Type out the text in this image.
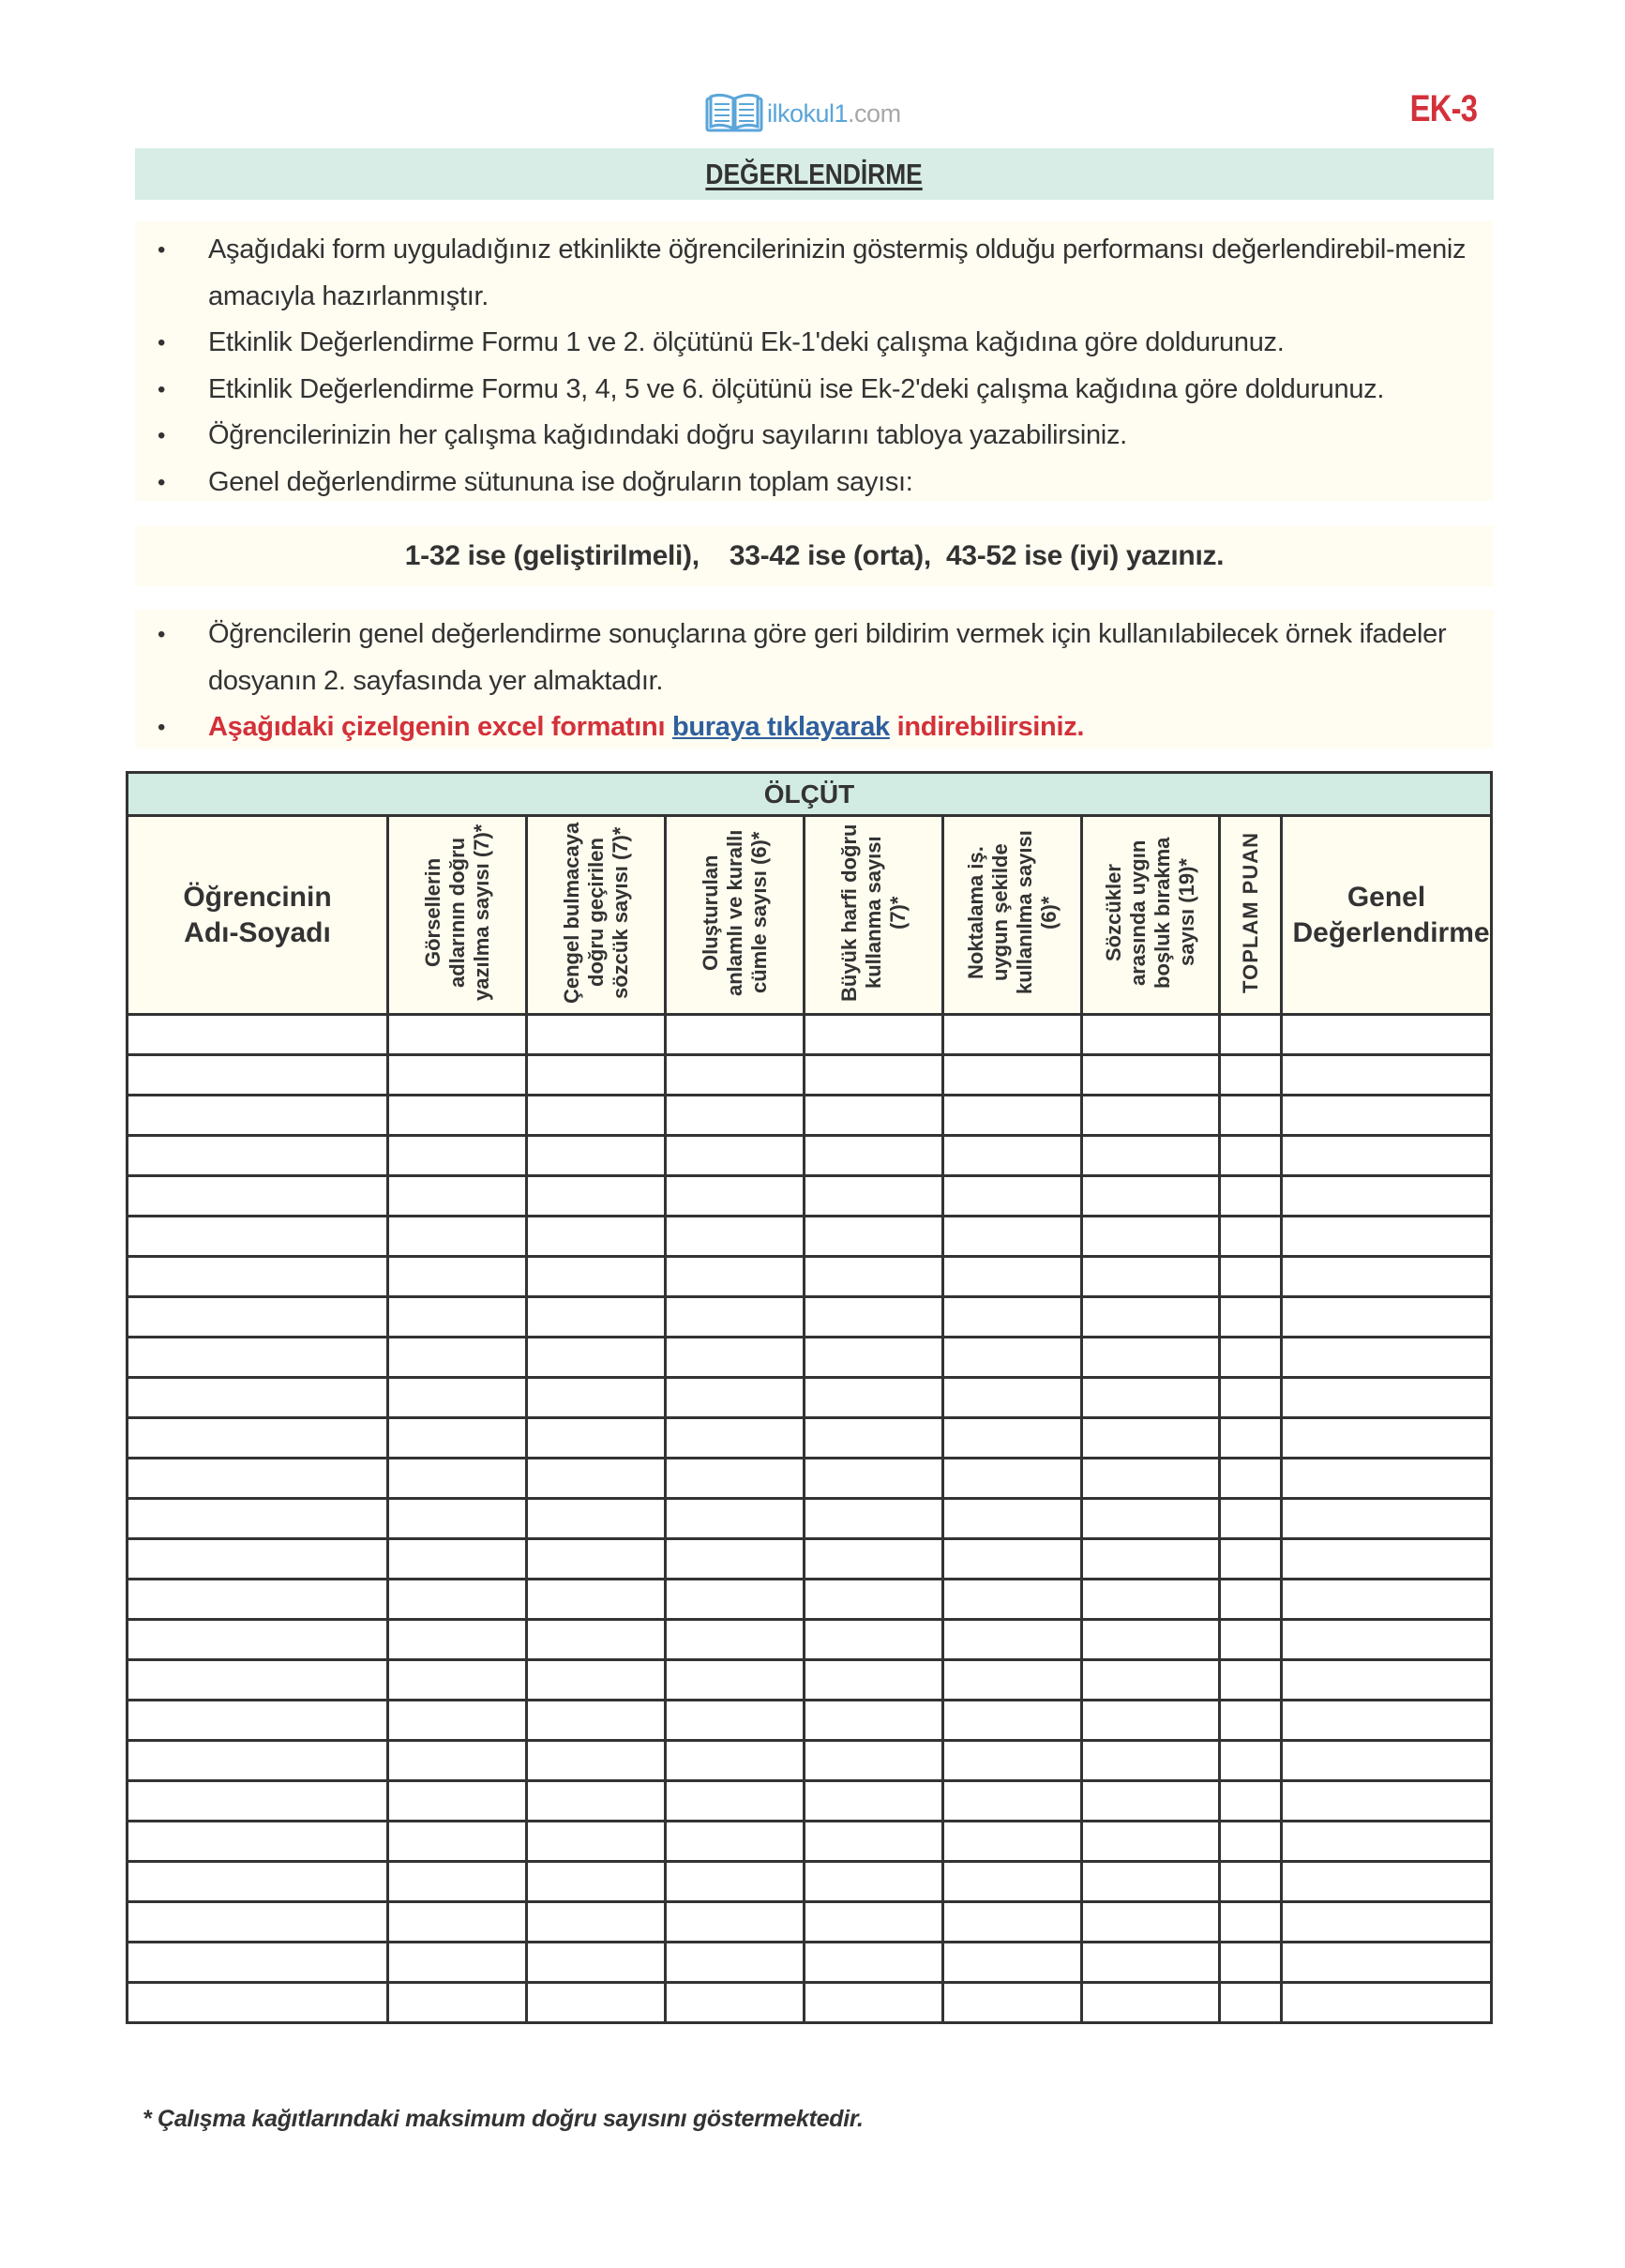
ilkokul1.com	EK-3
DEĞERLENDİRME
• Aşağıdaki form uyguladığınız etkinlikte öğrencilerinizin göstermiş olduğu performansı değerlendirebil-meniz amacıyla hazırlanmıştır.
• Etkinlik Değerlendirme Formu 1 ve 2. ölçütünü Ek-1'deki çalışma kağıdına göre doldurunuz.
• Etkinlik Değerlendirme Formu 3, 4, 5 ve 6. ölçütünü ise Ek-2'deki çalışma kağıdına göre doldurunuz.
• Öğrencilerinizin her çalışma kağıdındaki doğru sayılarını tabloya yazabilirsiniz.
• Genel değerlendirme sütununa ise doğruların toplam sayısı:
1-32 ise (geliştirilmeli),    33-42 ise (orta),  43-52 ise (iyi) yazınız.
• Öğrencilerin genel değerlendirme sonuçlarına göre geri bildirim vermek için kullanılabilecek örnek ifadeler dosyanın 2. sayfasında yer almaktadır.
• Aşağıdaki çizelgenin excel formatını buraya tıklayarak indirebilirsiniz.
ÖLÇÜT								
Öğrencinin Adı-Soyadı	Görsellerin adlarının doğru yazılma sayısı (7)*	Çengel bulmacaya doğru geçirilen sözcük sayısı (7)*	Oluşturulan anlamlı ve kurallı cümle sayısı (6)*	Büyük harfi doğru kullanma sayısı (7)*	Noktalama iş. uygun şekilde kullanılma sayısı (6)*	Sözcükler arasında uygın boşluk bırakma sayısı (19)*	TOPLAM PUAN	Genel Değerlendirme

* Çalışma kağıtlarındaki maksimum doğru sayısını göstermektedir.
